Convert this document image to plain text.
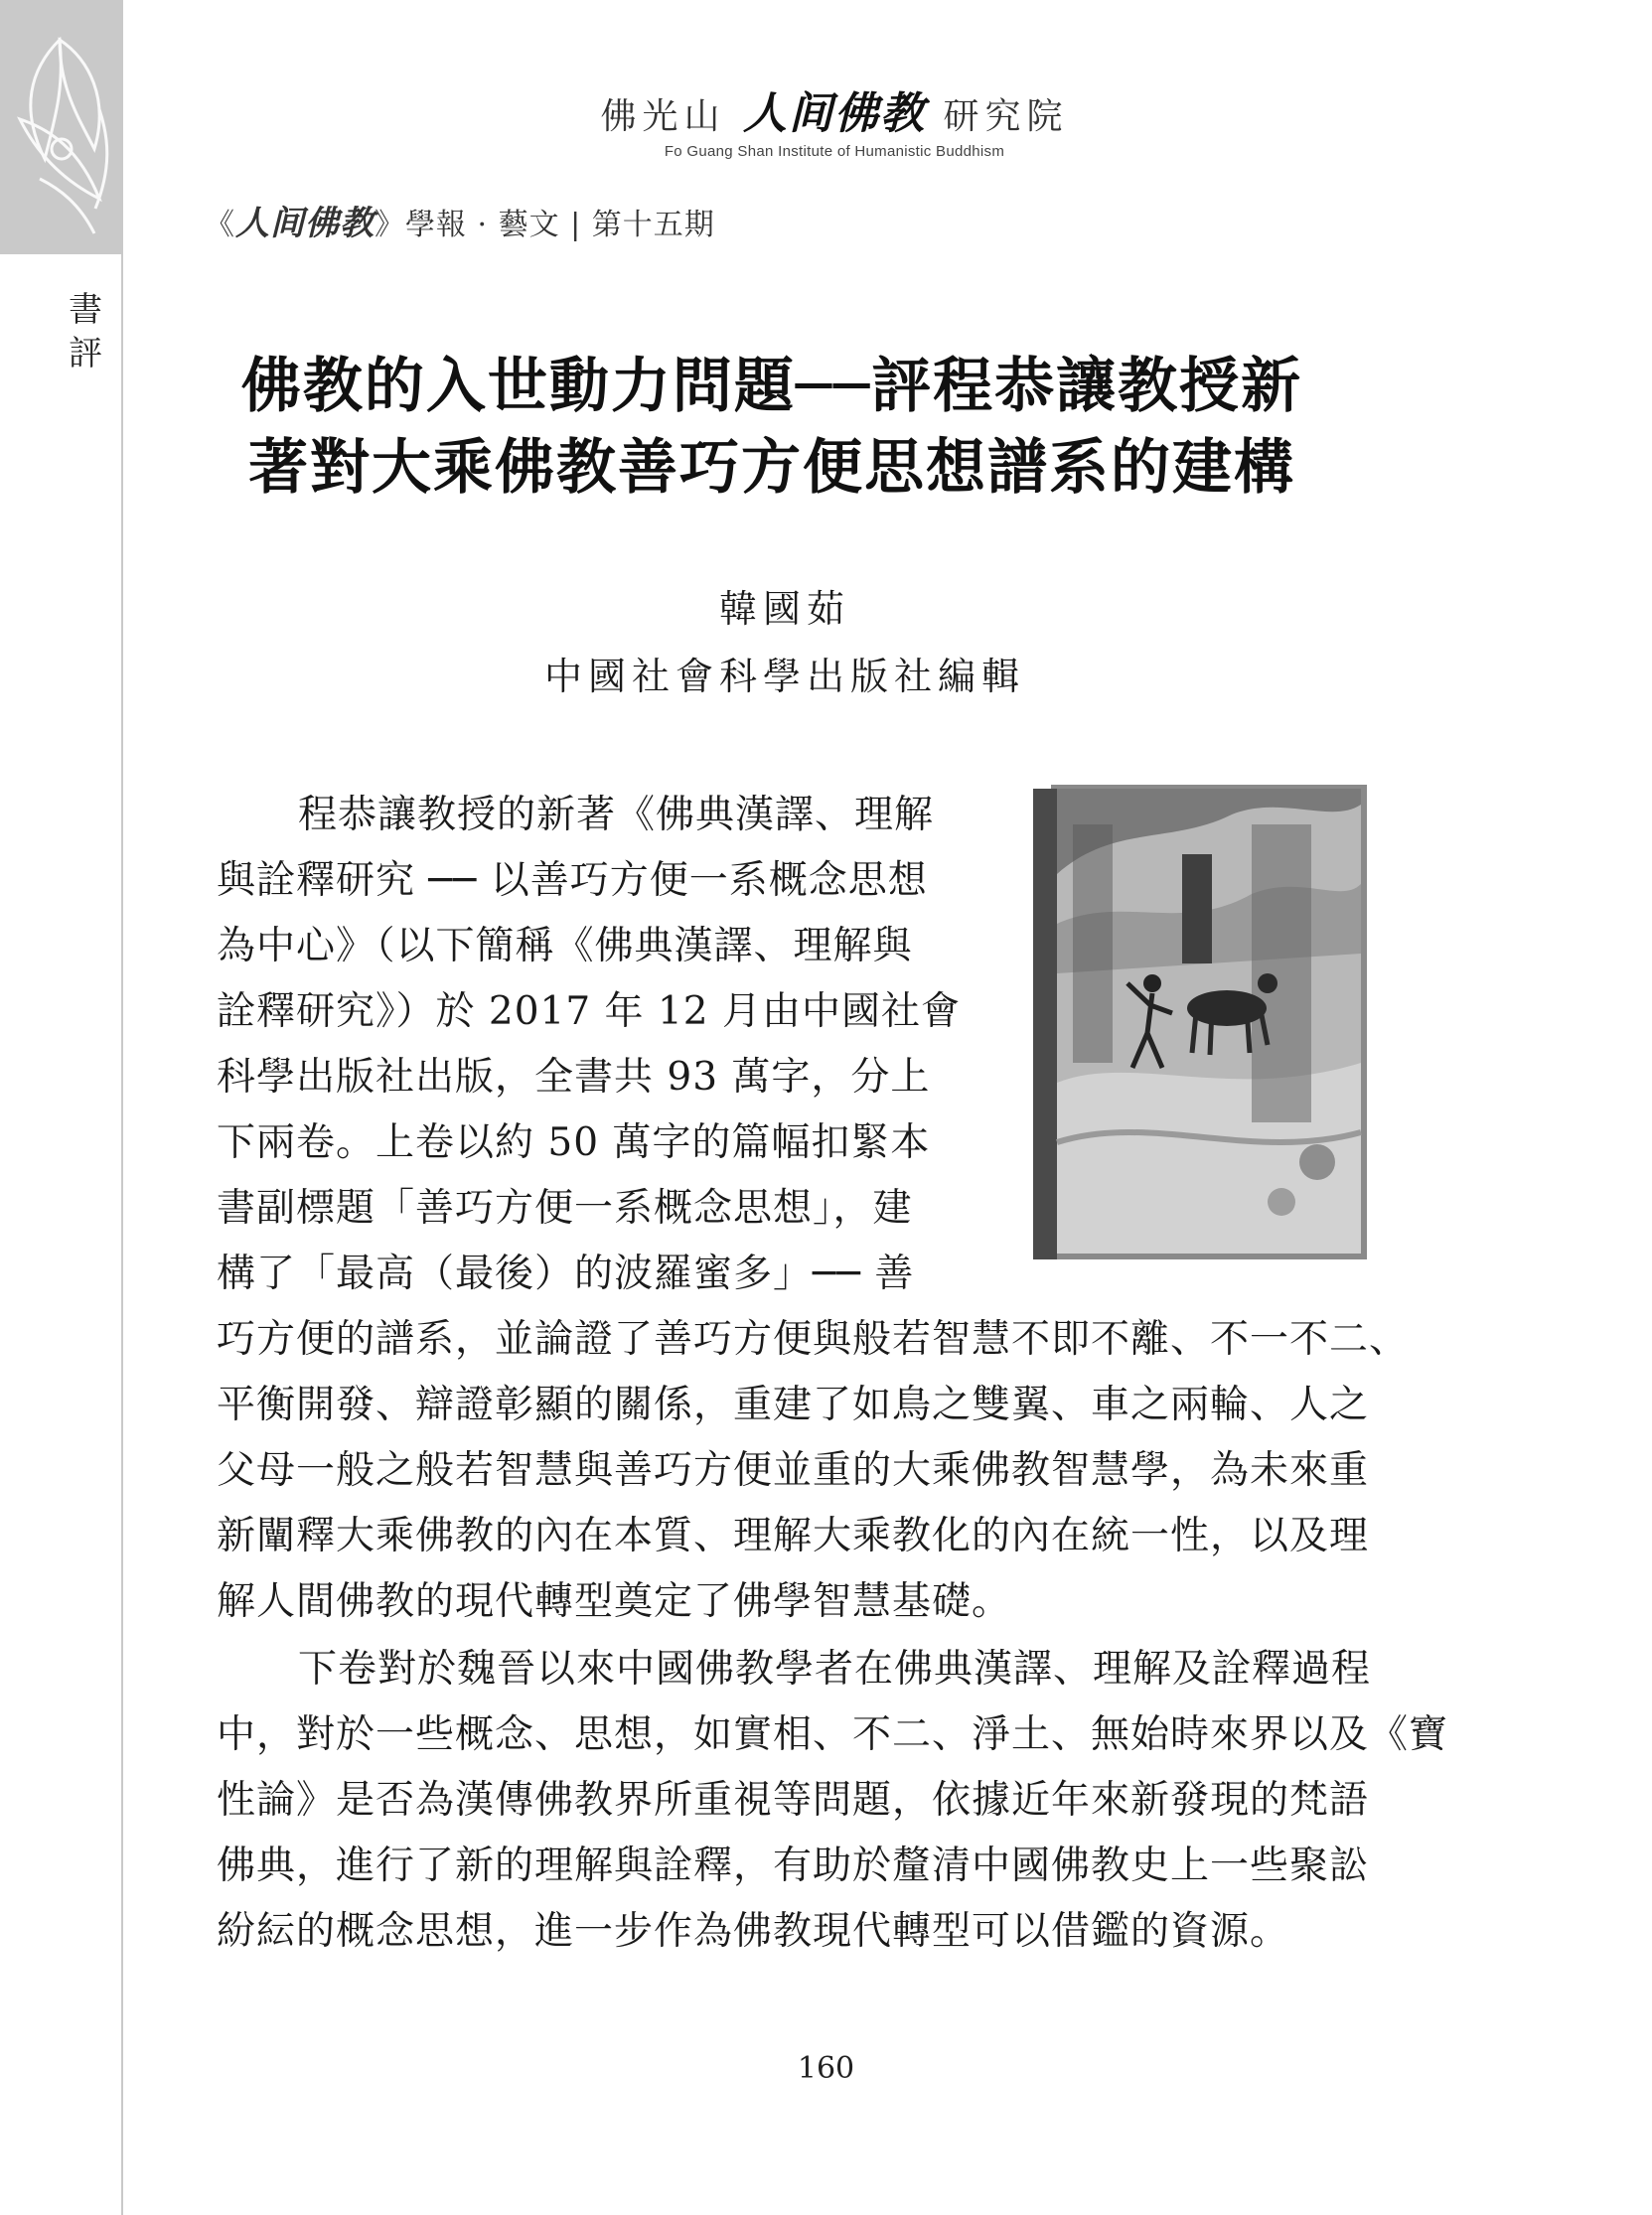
書
評
佛光山 人间佛教 研究院
Fo Guang Shan Institute of Humanistic Buddhism
《人间佛教》學報 · 藝文 | 第十五期
佛教的入世動力問題──評程恭讓教授新
著對大乘佛教善巧方便思想譜系的建構
韓國茹
中國社會科學出版社編輯
程恭讓教授的新著《佛典漢譯、理解
與詮釋研究 ── 以善巧方便一系概念思想
為中心》（以下簡稱《佛典漢譯、理解與
詮釋研究》）於 2017 年 12 月由中國社會
科學出版社出版，全書共 93 萬字，分上
下兩卷。上卷以約 50 萬字的篇幅扣緊本
書副標題「善巧方便一系概念思想」，建
構了「最高（最後）的波羅蜜多」── 善
巧方便的譜系，並論證了善巧方便與般若智慧不即不離、不一不二、
平衡開發、辯證彰顯的關係，重建了如鳥之雙翼、車之兩輪、人之
父母一般之般若智慧與善巧方便並重的大乘佛教智慧學，為未來重
新闡釋大乘佛教的內在本質、理解大乘教化的內在統一性，以及理
解人間佛教的現代轉型奠定了佛學智慧基礎。
下卷對於魏晉以來中國佛教學者在佛典漢譯、理解及詮釋過程
中，對於一些概念、思想，如實相、不二、淨土、無始時來界以及《寶
性論》是否為漢傳佛教界所重視等問題，依據近年來新發現的梵語
佛典，進行了新的理解與詮釋，有助於釐清中國佛教史上一些聚訟
紛紜的概念思想，進一步作為佛教現代轉型可以借鑑的資源。
160
